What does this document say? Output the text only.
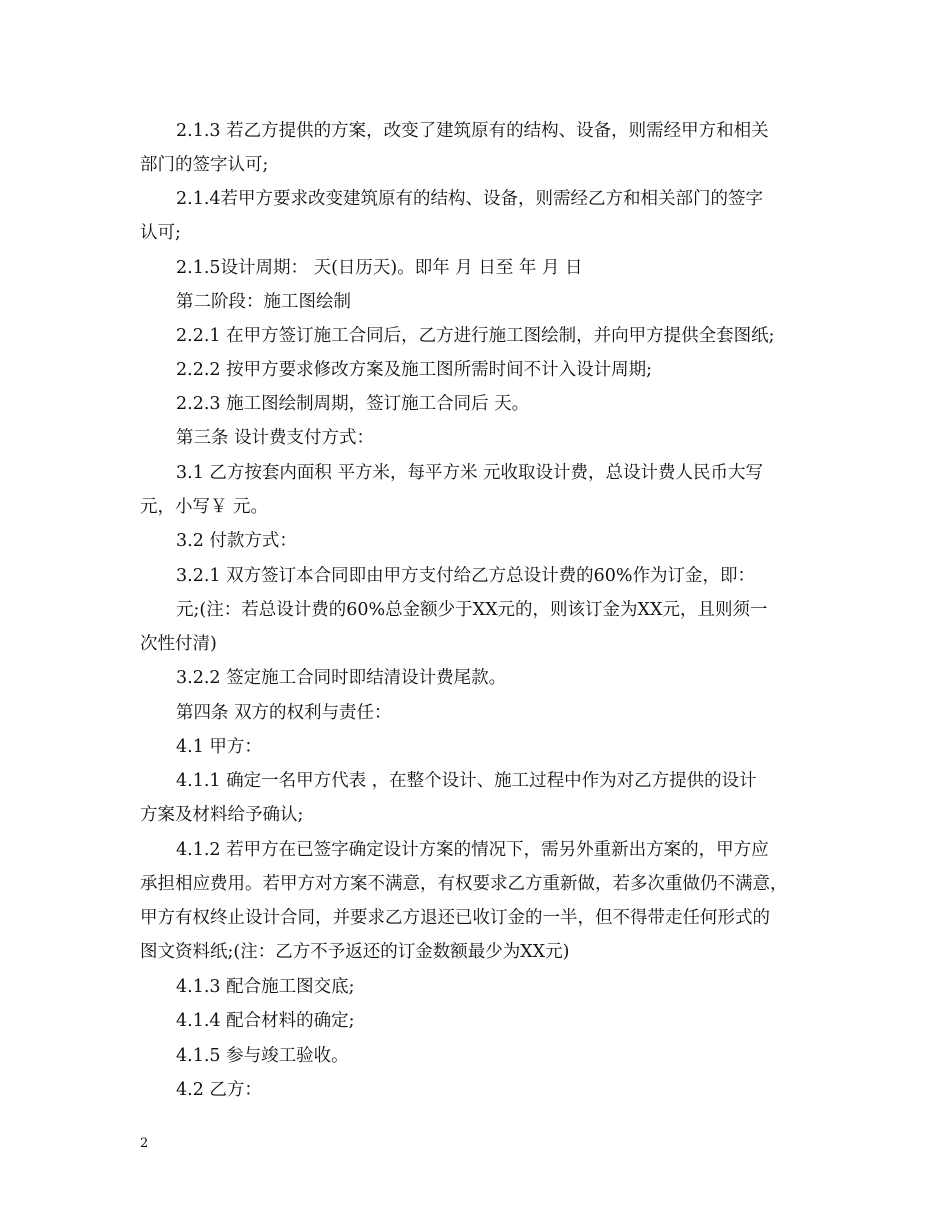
2.1.3 若乙方提供的方案，改变了建筑原有的结构、设备，则需经甲方和相关
部门的签字认可;
2.1.4若甲方要求改变建筑原有的结构、设备，则需经乙方和相关部门的签字
认可;
2.1.5设计周期： 天(日历天)。即年 月 日至 年 月 日
第二阶段：施工图绘制
2.2.1 在甲方签订施工合同后，乙方进行施工图绘制，并向甲方提供全套图纸;
2.2.2 按甲方要求修改方案及施工图所需时间不计入设计周期;
2.2.3 施工图绘制周期，签订施工合同后 天。
第三条 设计费支付方式：
3.1 乙方按套内面积 平方米，每平方米 元收取设计费，总设计费人民币大写
元，小写￥ 元。
3.2 付款方式：
3.2.1 双方签订本合同即由甲方支付给乙方总设计费的60%作为订金，即：
元;(注：若总设计费的60%总金额少于XX元的，则该订金为XX元，且则须一
次性付清)
3.2.2 签定施工合同时即结清设计费尾款。
第四条 双方的权利与责任：
4.1 甲方：
4.1.1 确定一名甲方代表 ，在整个设计、施工过程中作为对乙方提供的设计
方案及材料给予确认;
4.1.2 若甲方在已签字确定设计方案的情况下，需另外重新出方案的，甲方应
承担相应费用。若甲方对方案不满意，有权要求乙方重新做，若多次重做仍不满意，
甲方有权终止设计合同，并要求乙方退还已收订金的一半，但不得带走任何形式的
图文资料纸;(注：乙方不予返还的订金数额最少为XX元)
4.1.3 配合施工图交底;
4.1.4 配合材料的确定;
4.1.5 参与竣工验收。
4.2 乙方：
2
